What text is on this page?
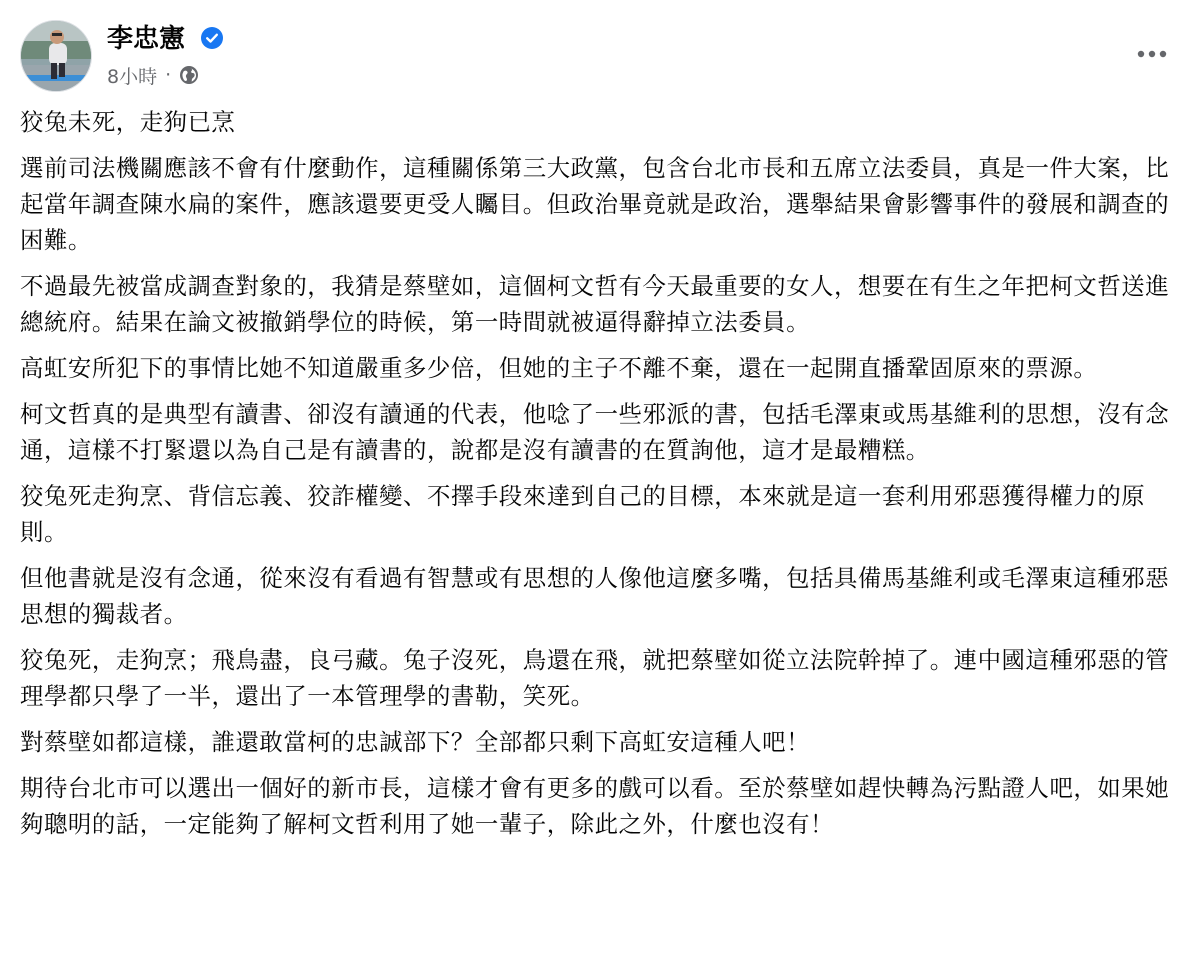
李忠憲
8小時 ·

狡兔未死，走狗已烹

選前司法機關應該不會有什麼動作，這種關係第三大政黨，包含台北市長和五席立法委員，真是一件大案，比起當年調查陳水扁的案件，應該還要更受人矚目。但政治畢竟就是政治，選舉結果會影響事件的發展和調查的困難。

不過最先被當成調查對象的，我猜是蔡壁如，這個柯文哲有今天最重要的女人，想要在有生之年把柯文哲送進總統府。結果在論文被撤銷學位的時候，第一時間就被逼得辭掉立法委員。

高虹安所犯下的事情比她不知道嚴重多少倍，但她的主子不離不棄，還在一起開直播鞏固原來的票源。

柯文哲真的是典型有讀書、卻沒有讀通的代表，他唸了一些邪派的書，包括毛澤東或馬基維利的思想，沒有念通，這樣不打緊還以為自己是有讀書的，說都是沒有讀書的在質詢他，這才是最糟糕。

狡兔死走狗烹、背信忘義、狡詐權變、不擇手段來達到自己的目標，本來就是這一套利用邪惡獲得權力的原則。

但他書就是沒有念通，從來沒有看過有智慧或有思想的人像他這麼多嘴，包括具備馬基維利或毛澤東這種邪惡思想的獨裁者。

狡兔死，走狗烹；飛鳥盡，良弓藏。兔子沒死，鳥還在飛，就把蔡壁如從立法院幹掉了。連中國這種邪惡的管理學都只學了一半，還出了一本管理學的書勒，笑死。

對蔡壁如都這樣，誰還敢當柯的忠誠部下？全部都只剩下高虹安這種人吧！

期待台北市可以選出一個好的新市長，這樣才會有更多的戲可以看。至於蔡壁如趕快轉為污點證人吧，如果她夠聰明的話，一定能夠了解柯文哲利用了她一輩子，除此之外，什麼也沒有！
